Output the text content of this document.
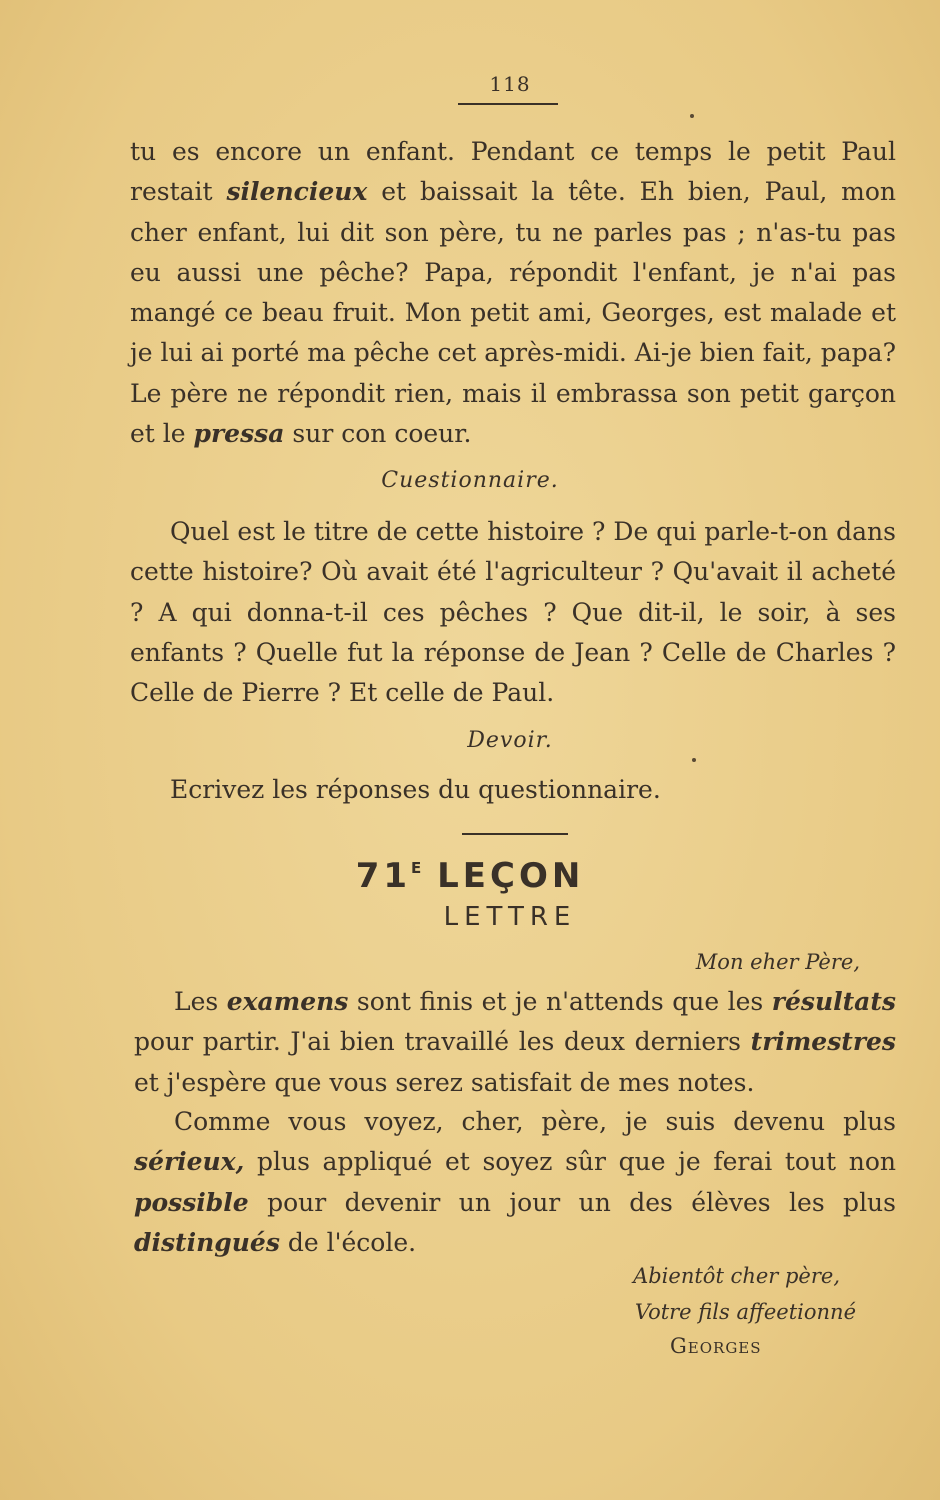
118

tu es encore un enfant. Pendant ce temps le petit Paul restait silencieux et baissait la tête. Eh bien, Paul, mon cher enfant, lui dit son père, tu ne parles pas ; n'as-tu pas eu aussi une pêche? Papa, répondit l'enfant, je n'ai pas mangé ce beau fruit. Mon petit ami, Georges, est malade et je lui ai porté ma pêche cet après-midi. Ai-je bien fait, papa? Le père ne répondit rien, mais il embrassa son petit garçon et le pressa sur con coeur.

Cuestionnaire.

Quel est le titre de cette histoire ? De qui parle-t-on dans cette histoire? Où avait été l'agriculteur ? Qu'avait il acheté ? A qui donna-t-il ces pêches ? Que dit-il, le soir, à ses enfants ? Quelle fut la réponse de Jean ? Celle de Charles ? Celle de Pierre ? Et celle de Paul.

Devoir.

Ecrivez les réponses du questionnaire.

$71^E$ LEÇON
LETTRE
Mon eher Père,

Les examens sont finis et je n'attends que les résultats pour partir. J'ai bien travaillé les deux derniers trimestres et j'espère que vous serez satisfait de mes notes.

Comme vous voyez, cher, père, je suis devenu plus sérieux, plus appliqué et soyez sûr que je ferai tout non possible pour devenir un jour un des élèves les plus distingués de l'école.

Abientôt cher père,
Votre fils affeetionné
Georges
